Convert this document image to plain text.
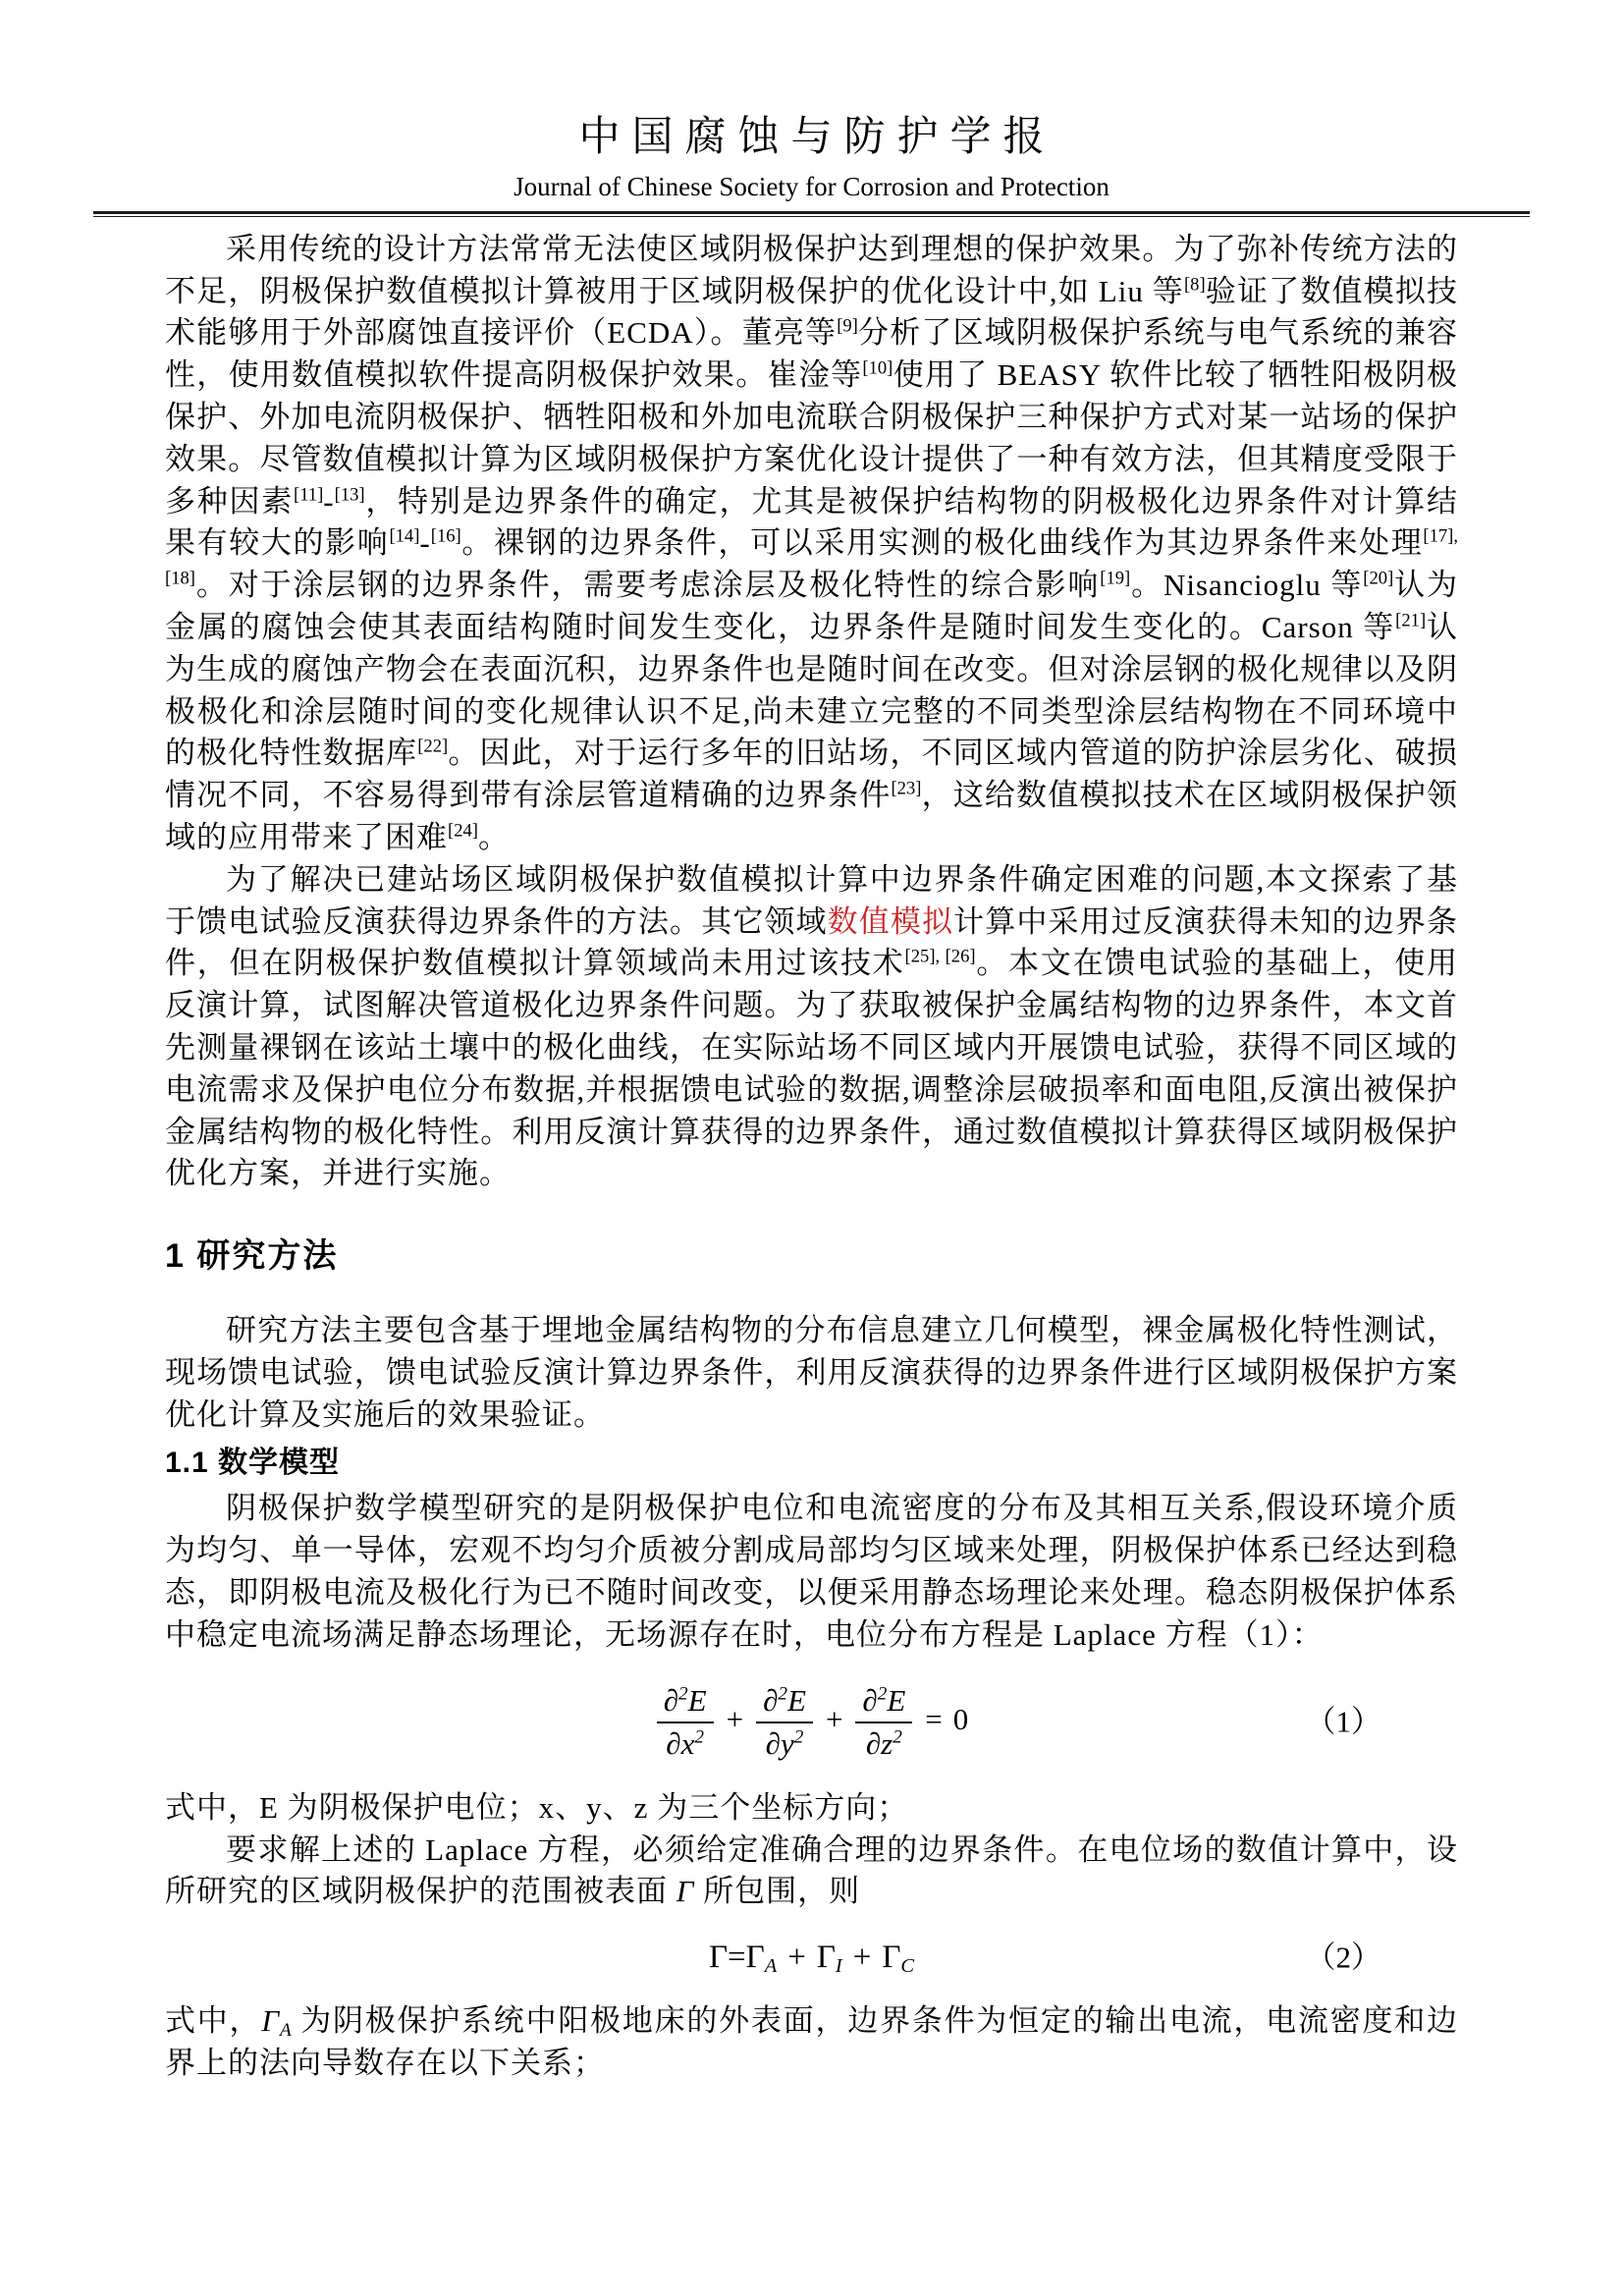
中国腐蚀与防护学报
Journal of Chinese Society for Corrosion and Protection

采用传统的设计方法常常无法使区域阴极保护达到理想的保护效果。为了弥补传统方法的不足，阴极保护数值模拟计算被用于区域阴极保护的优化设计中,如 Liu 等[8]验证了数值模拟技术能够用于外部腐蚀直接评价（ECDA）。董亮等[9]分析了区域阴极保护系统与电气系统的兼容性，使用数值模拟软件提高阴极保护效果。崔淦等[10]使用了 BEASY 软件比较了牺牲阳极阴极保护、外加电流阴极保护、牺牲阳极和外加电流联合阴极保护三种保护方式对某一站场的保护效果。尽管数值模拟计算为区域阴极保护方案优化设计提供了一种有效方法，但其精度受限于多种因素[11]-[13]，特别是边界条件的确定，尤其是被保护结构物的阴极极化边界条件对计算结果有较大的影响[14]-[16]。裸钢的边界条件，可以采用实测的极化曲线作为其边界条件来处理[17],[18]。对于涂层钢的边界条件，需要考虑涂层及极化特性的综合影响[19]。Nisancioglu 等[20]认为金属的腐蚀会使其表面结构随时间发生变化，边界条件是随时间发生变化的。Carson 等[21]认为生成的腐蚀产物会在表面沉积，边界条件也是随时间在改变。但对涂层钢的极化规律以及阴极极化和涂层随时间的变化规律认识不足,尚未建立完整的不同类型涂层结构物在不同环境中的极化特性数据库[22]。因此，对于运行多年的旧站场，不同区域内管道的防护涂层劣化、破损情况不同，不容易得到带有涂层管道精确的边界条件[23]，这给数值模拟技术在区域阴极保护领域的应用带来了困难[24]。

为了解决已建站场区域阴极保护数值模拟计算中边界条件确定困难的问题,本文探索了基于馈电试验反演获得边界条件的方法。其它领域数值模拟计算中采用过反演获得未知的边界条件，但在阴极保护数值模拟计算领域尚未用过该技术[25], [26]。本文在馈电试验的基础上，使用反演计算，试图解决管道极化边界条件问题。为了获取被保护金属结构物的边界条件，本文首先测量裸钢在该站土壤中的极化曲线，在实际站场不同区域内开展馈电试验，获得不同区域的电流需求及保护电位分布数据,并根据馈电试验的数据,调整涂层破损率和面电阻,反演出被保护金属结构物的极化特性。利用反演计算获得的边界条件，通过数值模拟计算获得区域阴极保护优化方案，并进行实施。

1 研究方法

研究方法主要包含基于埋地金属结构物的分布信息建立几何模型，裸金属极化特性测试，现场馈电试验，馈电试验反演计算边界条件，利用反演获得的边界条件进行区域阴极保护方案优化计算及实施后的效果验证。

1.1 数学模型

阴极保护数学模型研究的是阴极保护电位和电流密度的分布及其相互关系,假设环境介质为均匀、单一导体，宏观不均匀介质被分割成局部均匀区域来处理，阴极保护体系已经达到稳态，即阴极电流及极化行为已不随时间改变，以便采用静态场理论来处理。稳态阴极保护体系中稳定电流场满足静态场理论，无场源存在时，电位分布方程是 Laplace 方程（1）：

$\frac{\partial^2E}{\partial x^2} + \frac{\partial^2E}{\partial y^2} + \frac{\partial^2E}{\partial z^2} = 0$	（1）

式中，E 为阴极保护电位；x、y、z 为三个坐标方向；

要求解上述的 Laplace 方程，必须给定准确合理的边界条件。在电位场的数值计算中，设所研究的区域阴极保护的范围被表面 Γ 所包围，则

$\Gamma=\Gamma_A + \Gamma_I + \Gamma_C$	（2）

式中，$\Gamma_A$ 为阴极保护系统中阳极地床的外表面，边界条件为恒定的输出电流，电流密度和边界上的法向导数存在以下关系；
